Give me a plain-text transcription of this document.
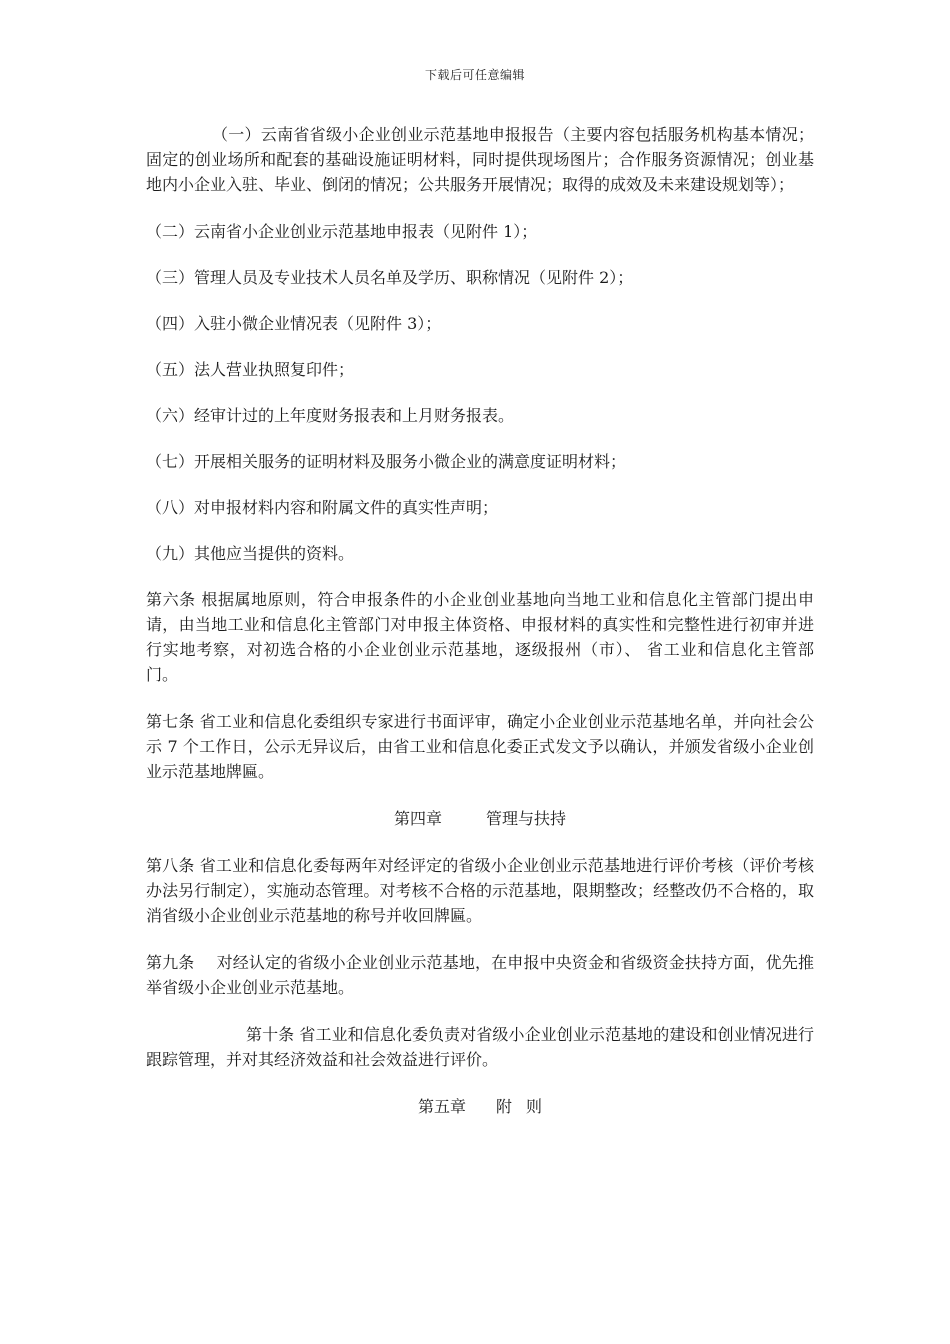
下载后可任意编辑

（一）云南省省级小企业创业示范基地申报报告（主要内容包括服务机构基本情况；固定的创业场所和配套的基础设施证明材料，同时提供现场图片；合作服务资源情况；创业基地内小企业入驻、毕业、倒闭的情况；公共服务开展情况；取得的成效及未来建设规划等）；

（二）云南省小企业创业示范基地申报表（见附件 1）；

（三）管理人员及专业技术人员名单及学历、职称情况（见附件 2）；

（四）入驻小微企业情况表（见附件 3）；

（五）法人营业执照复印件；

（六）经审计过的上年度财务报表和上月财务报表。

（七）开展相关服务的证明材料及服务小微企业的满意度证明材料；

（八）对申报材料内容和附属文件的真实性声明；

（九）其他应当提供的资料。

第六条 根据属地原则，符合申报条件的小企业创业基地向当地工业和信息化主管部门提出申请，由当地工业和信息化主管部门对申报主体资格、申报材料的真实性和完整性进行初审并进行实地考察，对初选合格的小企业创业示范基地，逐级报州（市）、 省工业和信息化主管部门。

第七条 省工业和信息化委组织专家进行书面评审，确定小企业创业示范基地名单，并向社会公示 7 个工作日，公示无异议后，由省工业和信息化委正式发文予以确认，并颁发省级小企业创业示范基地牌匾。

第四章	管理与扶持

第八条 省工业和信息化委每两年对经评定的省级小企业创业示范基地进行评价考核（评价考核办法另行制定），实施动态管理。对考核不合格的示范基地，限期整改；经整改仍不合格的，取消省级小企业创业示范基地的称号并收回牌匾。

第九条 对经认定的省级小企业创业示范基地，在申报中央资金和省级资金扶持方面，优先推举省级小企业创业示范基地。

第十条 省工业和信息化委负责对省级小企业创业示范基地的建设和创业情况进行跟踪管理，并对其经济效益和社会效益进行评价。

第五章 附 则
